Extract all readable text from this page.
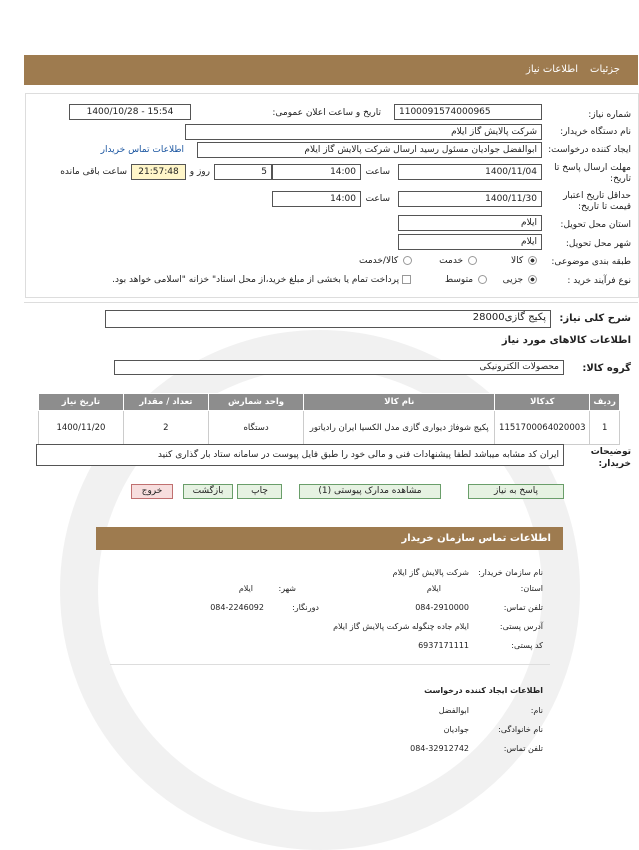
جزئیات
اطلاعات نیاز
شماره نیاز:
1100091574000965
تاریخ و ساعت اعلان عمومی:
1400/10/28 - 15:54
نام دستگاه خریدار:
شرکت پالایش گاز ایلام
ایجاد کننده درخواست:
ابوالفضل جوادیان مسئول رسید ارسال شرکت پالایش گاز ایلام
اطلاعات تماس خریدار
مهلت ارسال پاسخ تا تاریخ:
1400/11/04
ساعت
14:00
5
روز و
21:57:48
ساعت باقی مانده
حداقل تاریخ اعتبار قیمت تا تاریخ:
1400/11/30
ساعت
14:00
استان محل تحویل:
ایلام
شهر محل تحویل:
ایلام
طبقه بندی موضوعی:
کالا
خدمت
کالا/خدمت
نوع فرآیند خرید :
جزیی
متوسط
پرداخت تمام یا بخشی از مبلغ خرید،از محل اسناد" خزانه "اسلامی خواهد بود.
شرح کلی نیاز:
پکیج گازی28000
اطلاعات کالاهای مورد نیاز
گروه کالا:
محصولات الکترونیکی
ردیف	کدکالا	نام کالا	واحد شمارش	تعداد / مقدار	تاریخ نیاز
1	1151700064020003	پکیج شوفاژ دیواری گازی مدل الکسیا ایران رادیاتور	دستگاه	2	1400/11/20
توضیحات خریدار:
ایران کد مشابه میباشد لطفا پیشنهادات فنی و مالی خود را طبق فایل پیوست در سامانه ستاد بار گذاری کنید
پاسخ به نیاز
مشاهده مدارک پیوستی (1)
چاپ
بازگشت
خروج
اطلاعات تماس سازمان خریدار
نام سازمان خریدار:
شرکت پالایش گاز ایلام
استان:
ایلام
شهر:
ایلام
تلفن تماس:
084-2910000
دورنگار:
084-2246092
آدرس پستی:
ایلام جاده چنگوله شرکت پالایش گاز ایلام
کد پستی:
6937171111
اطلاعات ایجاد کننده درخواست
نام:
ابوالفضل
نام خانوادگی:
جوادیان
تلفن تماس:
084-32912742
